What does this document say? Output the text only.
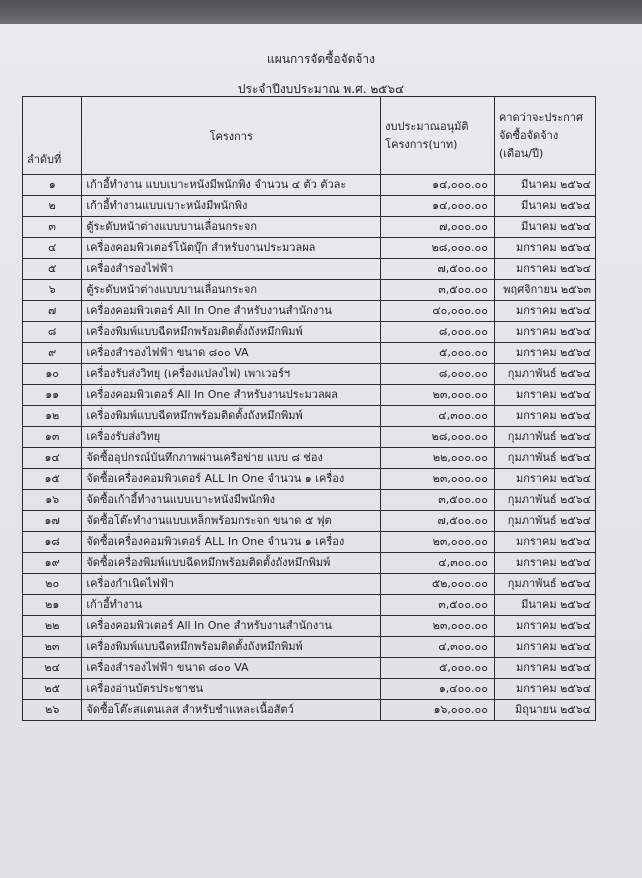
แผนการจัดซื้อจัดจ้าง
ประจำปีงบประมาณ พ.ศ. ๒๕๖๔
ลำดับที่	โครงการ	งบประมาณอนุมัติโครงการ(บาท)	คาดว่าจะประกาศจัดซื้อจัดจ้าง (เดือน/ปี)

๑	เก้าอี้ทำงาน แบบเบาะหนังมีพนักพิง จำนวน ๔ ตัว ตัวละ	๑๔,๐๐๐.๐๐	มีนาคม ๒๕๖๔
๒	เก้าอี้ทำงานแบบเบาะหนังมีพนักพิง	๑๔,๐๐๐.๐๐	มีนาคม ๒๕๖๔
๓	ตู้ระดับหน้าต่างแบบบานเลื่อนกระจก	๗,๐๐๐.๐๐	มีนาคม ๒๕๖๔
๔	เครื่องคอมพิวเตอร์โน้ตบุ๊ก สำหรับงานประมวลผล	๒๘,๐๐๐.๐๐	มกราคม ๒๕๖๔
๕	เครื่องสำรองไฟฟ้า	๗,๕๐๐.๐๐	มกราคม ๒๕๖๔
๖	ตู้ระดับหน้าต่างแบบบานเลื่อนกระจก	๓,๕๐๐.๐๐	พฤศจิกายน ๒๕๖๓
๗	เครื่องคอมพิวเตอร์ All In One สำหรับงานสำนักงาน	๔๐,๐๐๐.๐๐	มกราคม ๒๕๖๔
๘	เครื่องพิมพ์แบบฉีดหมึกพร้อมติดตั้งถังหมึกพิมพ์	๘,๐๐๐.๐๐	มกราคม ๒๕๖๔
๙	เครื่องสำรองไฟฟ้า ขนาด ๘๐๐ VA	๕,๐๐๐.๐๐	มกราคม ๒๕๖๔
๑๐	เครื่องรับส่งวิทยุ (เครื่องแปลงไฟ) เพาเวอร์ฯ	๘,๐๐๐.๐๐	กุมภาพันธ์ ๒๕๖๔
๑๑	เครื่องคอมพิวเตอร์ All In One สำหรับงานประมวลผล	๒๓,๐๐๐.๐๐	มกราคม ๒๕๖๔
๑๒	เครื่องพิมพ์แบบฉีดหมึกพร้อมติดตั้งถังหมึกพิมพ์	๔,๓๐๐.๐๐	มกราคม ๒๕๖๔
๑๓	เครื่องรับส่งวิทยุ	๒๘,๐๐๐.๐๐	กุมภาพันธ์ ๒๕๖๔
๑๔	จัดซื้ออุปกรณ์บันทึกภาพผ่านเครือข่าย แบบ ๘ ช่อง	๒๒,๐๐๐.๐๐	กุมภาพันธ์ ๒๕๖๔
๑๕	จัดซื้อเครื่องคอมพิวเตอร์ ALL In One จำนวน ๑ เครื่อง	๒๓,๐๐๐.๐๐	มกราคม ๒๕๖๔
๑๖	จัดซื้อเก้าอี้ทำงานแบบเบาะหนังมีพนักพิง	๓,๕๐๐.๐๐	กุมภาพันธ์ ๒๕๖๔
๑๗	จัดซื้อโต๊ะทำงานแบบเหล็กพร้อมกระจก ขนาด ๕ ฟุต	๗,๕๐๐.๐๐	กุมภาพันธ์ ๒๕๖๔
๑๘	จัดซื้อเครื่องคอมพิวเตอร์ ALL In One จำนวน ๑ เครื่อง	๒๓,๐๐๐.๐๐	มกราคม ๒๕๖๔
๑๙	จัดซื้อเครื่องพิมพ์แบบฉีดหมึกพร้อมติดตั้งถังหมึกพิมพ์	๔,๓๐๐.๐๐	มกราคม ๒๕๖๔
๒๐	เครื่องกำเนิดไฟฟ้า	๕๒,๐๐๐.๐๐	กุมภาพันธ์ ๒๕๖๔
๒๑	เก้าอี้ทำงาน	๓,๕๐๐.๐๐	มีนาคม ๒๕๖๔
๒๒	เครื่องคอมพิวเตอร์ All In One สำหรับงานสำนักงาน	๒๓,๐๐๐.๐๐	มกราคม ๒๕๖๔
๒๓	เครื่องพิมพ์แบบฉีดหมึกพร้อมติดตั้งถังหมึกพิมพ์	๔,๓๐๐.๐๐	มกราคม ๒๕๖๔
๒๔	เครื่องสำรองไฟฟ้า ขนาด ๘๐๐ VA	๕,๐๐๐.๐๐	มกราคม ๒๕๖๔
๒๕	เครื่องอ่านบัตรประชาชน	๑,๔๐๐.๐๐	มกราคม ๒๕๖๔
๒๖	จัดซื้อโต๊ะสแตนเลส สำหรับชำแหละเนื้อสัตว์	๑๖,๐๐๐.๐๐	มิถุนายน ๒๕๖๔
